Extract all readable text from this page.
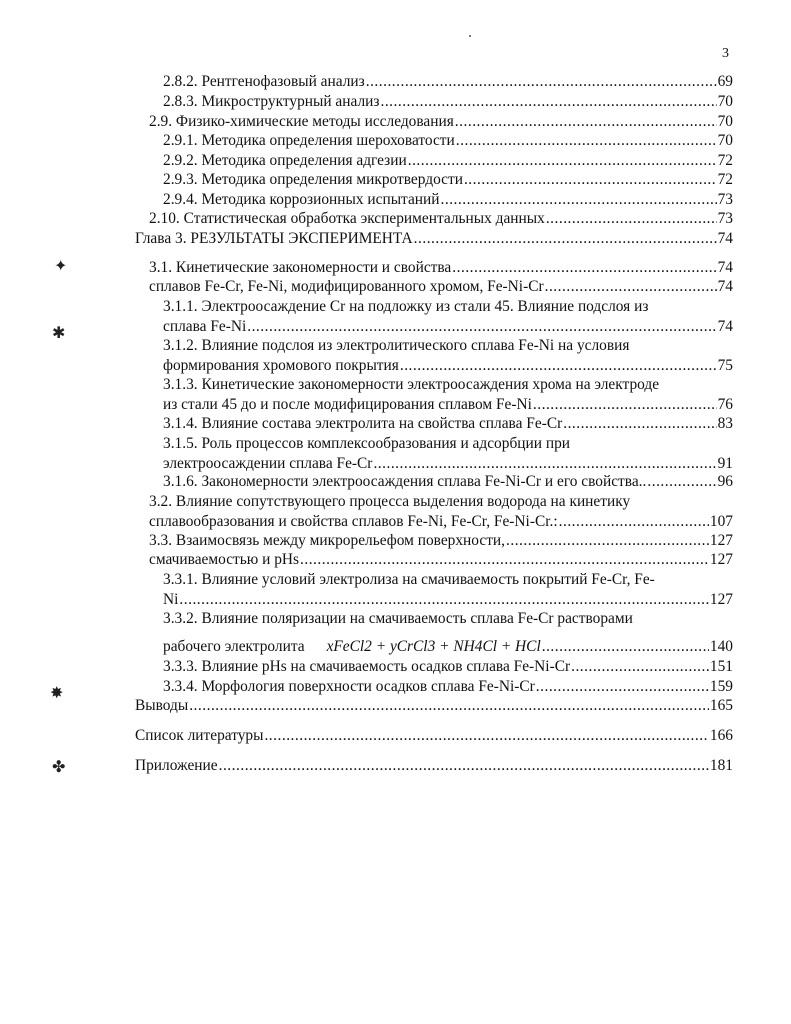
3
2.8.2. Рентгенофазовый анализ .....	69
2.8.3. Микроструктурный анализ .....	70
2.9. Физико-химические методы исследования .....	70
2.9.1. Методика определения шероховатости .....	70
2.9.2. Методика определения адгезии .....	72
2.9.3. Методика определения микротвердости .....	72
2.9.4. Методика коррозионных испытаний .....	73
2.10. Статистическая обработка экспериментальных данных .....	73
Глава 3. РЕЗУЛЬТАТЫ ЭКСПЕРИМЕНТА .....	74
3.1. Кинетические закономерности и свойства .....	74
сплавов Fe-Cr, Fe-Ni, модифицированного хромом, Fe-Ni-Cr .....	74
3.1.1. Электроосаждение Cr на подложку из стали 45. Влияние подслоя из
сплава Fe-Ni .....	74
3.1.2. Влияние подслоя из электролитического сплава Fe-Ni на условия
формирования хромового покрытия .....	75
3.1.3. Кинетические закономерности электроосаждения хрома на электроде
из стали 45 до и после модифицирования сплавом Fe-Ni .....	76
3.1.4. Влияние состава электролита на свойства сплава Fe-Cr .....	83
3.1.5. Роль процессов комплексообразования и адсорбции при
электроосаждении сплава Fe-Cr .....	91
3.1.6. Закономерности электроосаждения сплава Fe-Ni-Cr и его свойства.. .....	96
3.2. Влияние сопутствующего процесса выделения водорода на кинетику
сплавообразования и свойства сплавов Fe-Ni, Fe-Cr, Fe-Ni-Cr.: .....	107
3.3. Взаимосвязь между микрорельефом поверхности, .....	127
смачиваемостью и pHs .....	127
3.3.1. Влияние условий электролиза на смачиваемость покрытий Fe-Cr, Fe-
Ni .....	127
3.3.2. Влияние поляризации на смачиваемость сплава Fe-Cr растворами
рабочего электролита xFeCl2 + yCrCl3 + NH4Cl + HCl .....	140
3.3.3. Влияние pHs на смачиваемость осадков сплава Fe-Ni-Cr .....	151
3.3.4. Морфология поверхности осадков сплава Fe-Ni-Cr .....	159
Выводы .....	165
Список литературы .....	166
Приложение .....	181
✦
✱
✸
✤
